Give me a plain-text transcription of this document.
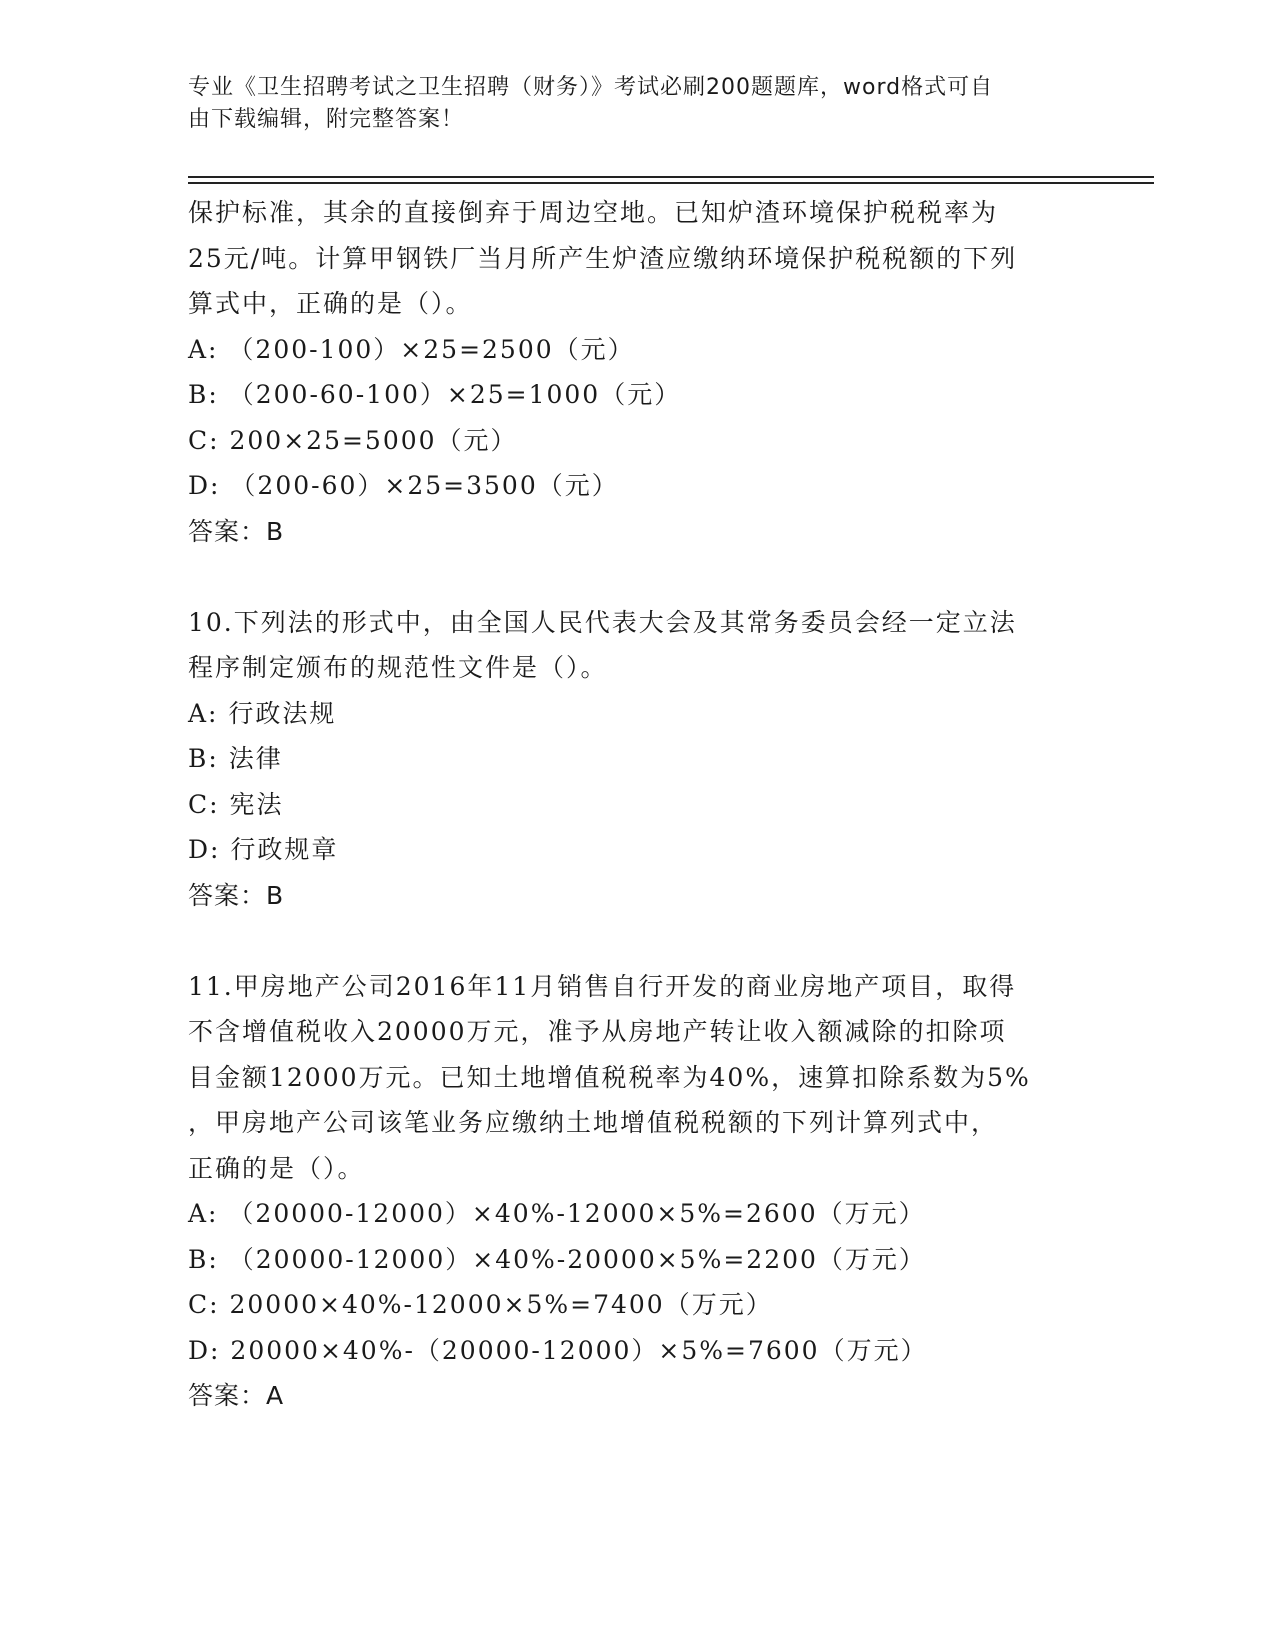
专业《卫生招聘考试之卫生招聘（财务）》考试必刷200题题库，word格式可自
由下载编辑，附完整答案！
保护标准，其余的直接倒弃于周边空地。已知炉渣环境保护税税率为
25元/吨。计算甲钢铁厂当月所产生炉渣应缴纳环境保护税税额的下列
算式中，正确的是（）。
A: （200-100）×25=2500（元）
B: （200-60-100）×25=1000（元）
C: 200×25=5000（元）
D: （200-60）×25=3500（元）
答案：B
10.下列法的形式中，由全国人民代表大会及其常务委员会经一定立法
程序制定颁布的规范性文件是（）。
A: 行政法规
B: 法律
C: 宪法
D: 行政规章
答案：B
11.甲房地产公司2016年11月销售自行开发的商业房地产项目，取得
不含增值税收入20000万元，准予从房地产转让收入额减除的扣除项
目金额12000万元。已知土地增值税税率为40%，速算扣除系数为5%
，甲房地产公司该笔业务应缴纳土地增值税税额的下列计算列式中，
正确的是（）。
A: （20000-12000）×40%-12000×5%=2600（万元）
B: （20000-12000）×40%-20000×5%=2200（万元）
C: 20000×40%-12000×5%=7400（万元）
D: 20000×40%-（20000-12000）×5%=7600（万元）
答案：A
